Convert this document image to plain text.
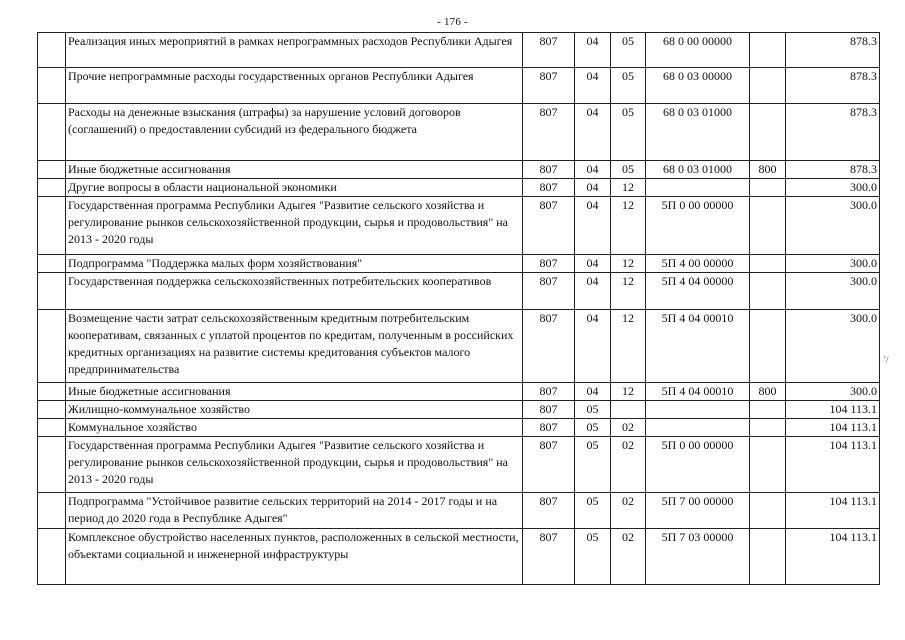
- 176 -
'/
	Реализация иных мероприятий в рамках непрограммных расходов Республики Адыгея	807	04	05	68 0 00 00000		878.3
	Прочие непрограммные расходы государственных органов Республики Адыгея	807	04	05	68 0 03 00000		878.3
	Расходы на денежные взыскания (штрафы) за нарушение условий договоров (соглашений) о предоставлении субсидий из федерального бюджета	807	04	05	68 0 03 01000		878.3
	Иные бюджетные ассигнования	807	04	05	68 0 03 01000	800	878.3
	Другие вопросы в области национальной экономики	807	04	12			300.0
	Государственная программа Республики Адыгея "Развитие сельского хозяйства и регулирование рынков сельскохозяйственной продукции, сырья и продовольствия" на 2013 - 2020 годы	807	04	12	5П 0 00 00000		300.0
	Подпрограмма "Поддержка малых форм хозяйствования"	807	04	12	5П 4 00 00000		300.0
	Государственная поддержка сельскохозяйственных потребительских кооперативов	807	04	12	5П 4 04 00000		300.0
	Возмещение части затрат сельскохозяйственным кредитным потребительским кооперативам, связанных с уплатой процентов по кредитам, полученным в российских кредитных организациях на развитие системы кредитования субъектов малого предпринимательства	807	04	12	5П 4 04 00010		300.0
	Иные бюджетные ассигнования	807	04	12	5П 4 04 00010	800	300.0
	Жилищно-коммунальное хозяйство	807	05				104 113.1
	Коммунальное хозяйство	807	05	02			104 113.1
	Государственная программа Республики Адыгея "Развитие сельского хозяйства и регулирование рынков сельскохозяйственной продукции, сырья и продовольствия" на 2013 - 2020 годы	807	05	02	5П 0 00 00000		104 113.1
	Подпрограмма "Устойчивое развитие сельских территорий на 2014 - 2017 годы и на период до 2020 года в Республике Адыгея"	807	05	02	5П 7 00 00000		104 113.1
	Комплексное обустройство населенных пунктов, расположенных в сельской местности, объектами социальной и инженерной инфраструктуры	807	05	02	5П 7 03 00000		104 113.1
